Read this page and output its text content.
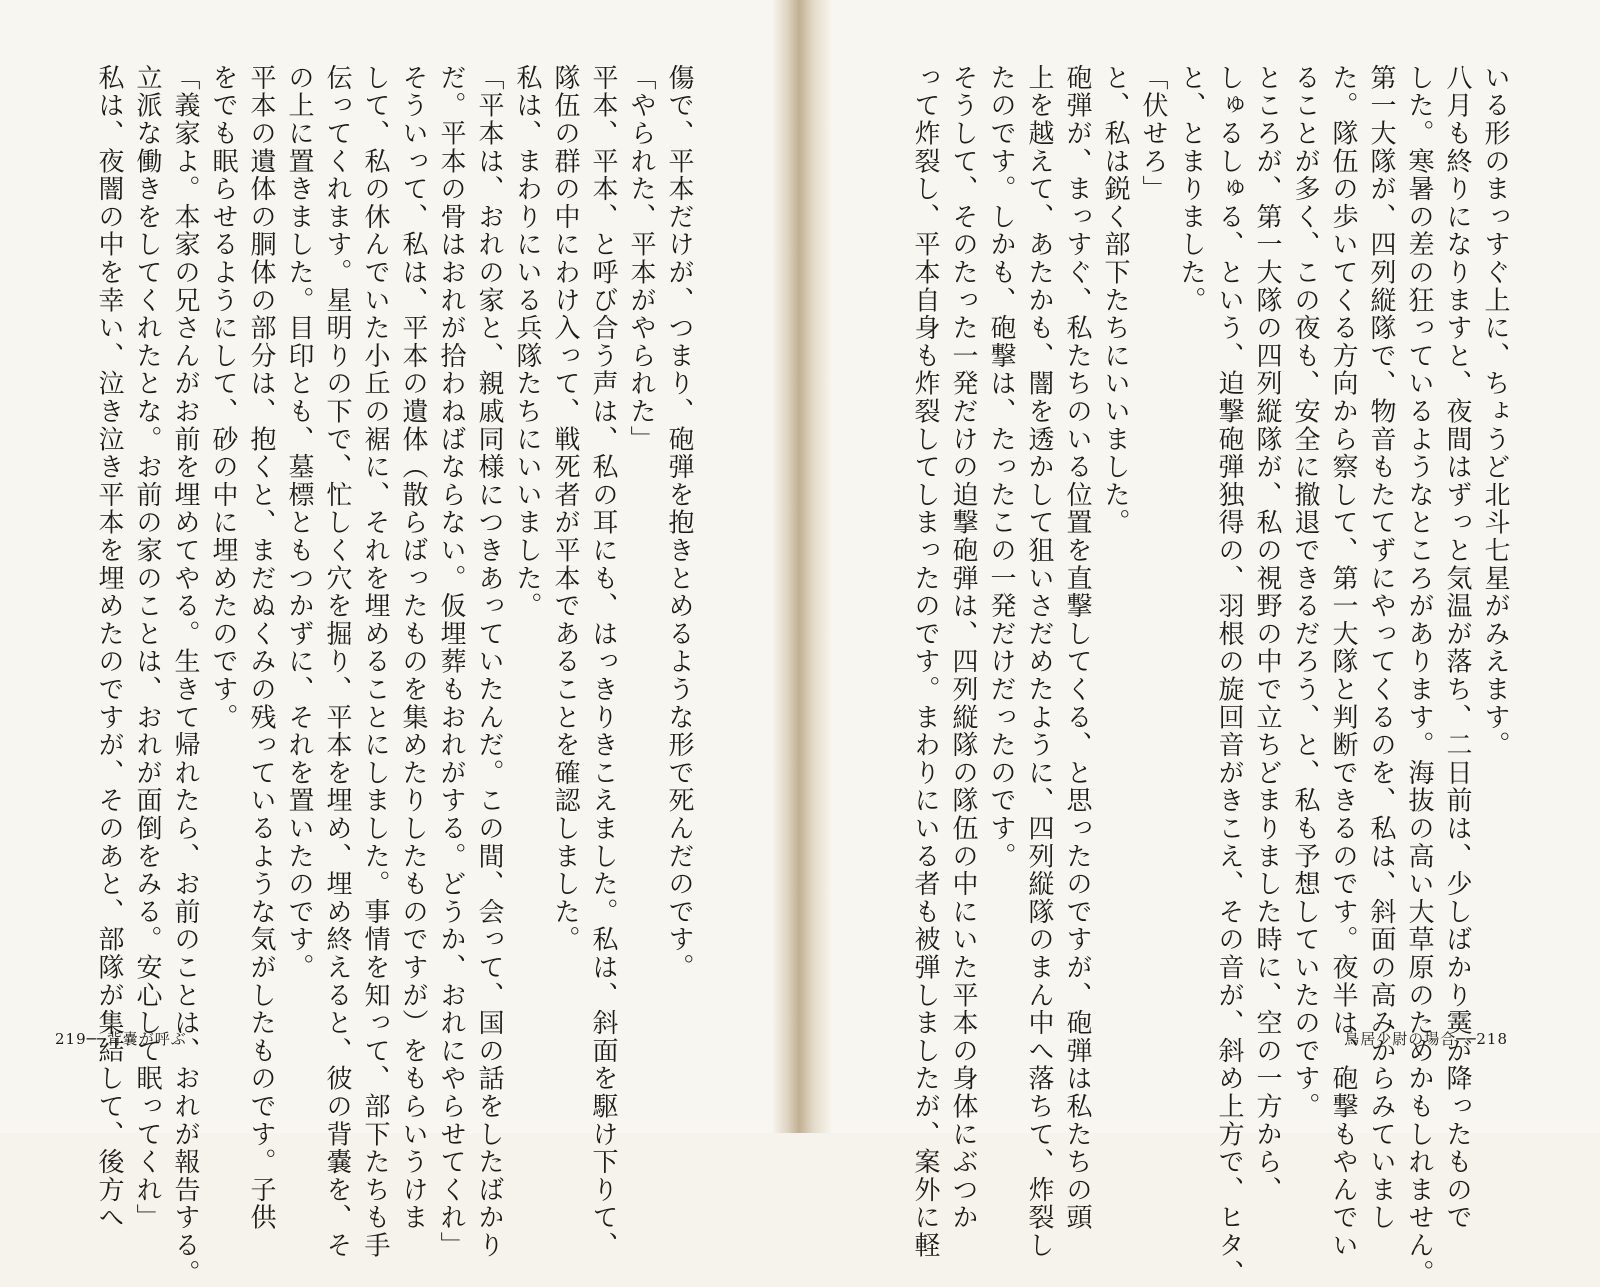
傷で、平本だけが、つまり、砲弾を抱きとめるような形で死んだのです。
「やられた、平本がやられた」
平本、平本、と呼び合う声は、私の耳にも、はっきりきこえました。私は、斜面を駆け下りて、
隊伍の群の中にわけ入って、戦死者が平本であることを確認しました。
私は、まわりにいる兵隊たちにいいました。
「平本は、おれの家と、親戚同様につきあっていたんだ。この間、会って、国の話をしたばかり
だ。平本の骨はおれが拾わねばならない。仮埋葬もおれがする。どうか、おれにやらせてくれ」
そういって、私は、平本の遺体（散らばったものを集めたりしたものですが）をもらいうけま
して、私の休んでいた小丘の裾に、それを埋めることにしました。事情を知って、部下たちも手
伝ってくれます。星明りの下で、忙しく穴を掘り、平本を埋め、埋め終えると、彼の背嚢を、そ
の上に置きました。目印とも、墓標ともつかずに、それを置いたのです。
平本の遺体の胴体の部分は、抱くと、まだぬくみの残っているような気がしたものです。子供
をでも眠らせるようにして、砂の中に埋めたのです。
「義家よ。本家の兄さんがお前を埋めてやる。生きて帰れたら、お前のことは、おれが報告する。
立派な働きをしてくれたとな。お前の家のことは、おれが面倒をみる。安心して眠ってくれ」
私は、夜闇の中を幸い、泣き泣き平本を埋めたのですが、そのあと、部隊が集結して、後方へ
219──背嚢が呼ぶ
いる形のまっすぐ上に、ちょうど北斗七星がみえます。
八月も終りになりますと、夜間はずっと気温が落ち、二日前は、少しばかり霙が降ったもので
した。寒暑の差の狂っているようなところがあります。海抜の高い大草原のためかもしれません。
第一大隊が、四列縦隊で、物音もたてずにやってくるのを、私は、斜面の高みからみていまし
た。隊伍の歩いてくる方向から察して、第一大隊と判断できるのです。夜半は、砲撃もやんでい
ることが多く、この夜も、安全に撤退できるだろう、と、私も予想していたのです。
ところが、第一大隊の四列縦隊が、私の視野の中で立ちどまりました時に、空の一方から、
しゅるしゅる、という、迫撃砲弾独得の、羽根の旋回音がきこえ、その音が、斜め上方で、ヒタ、
と、とまりました。
「伏せろ」
と、私は鋭く部下たちにいいました。
砲弾が、まっすぐ、私たちのいる位置を直撃してくる、と思ったのですが、砲弾は私たちの頭
上を越えて、あたかも、闇を透かして狙いさだめたように、四列縦隊のまん中へ落ちて、炸裂し
たのです。しかも、砲撃は、たったこの一発だけだったのです。
そうして、そのたった一発だけの迫撃砲弾は、四列縦隊の隊伍の中にいた平本の身体にぶつか
って炸裂し、平本自身も炸裂してしまったのです。まわりにいる者も被弾しましたが、案外に軽	鳥居少尉の場合──218
